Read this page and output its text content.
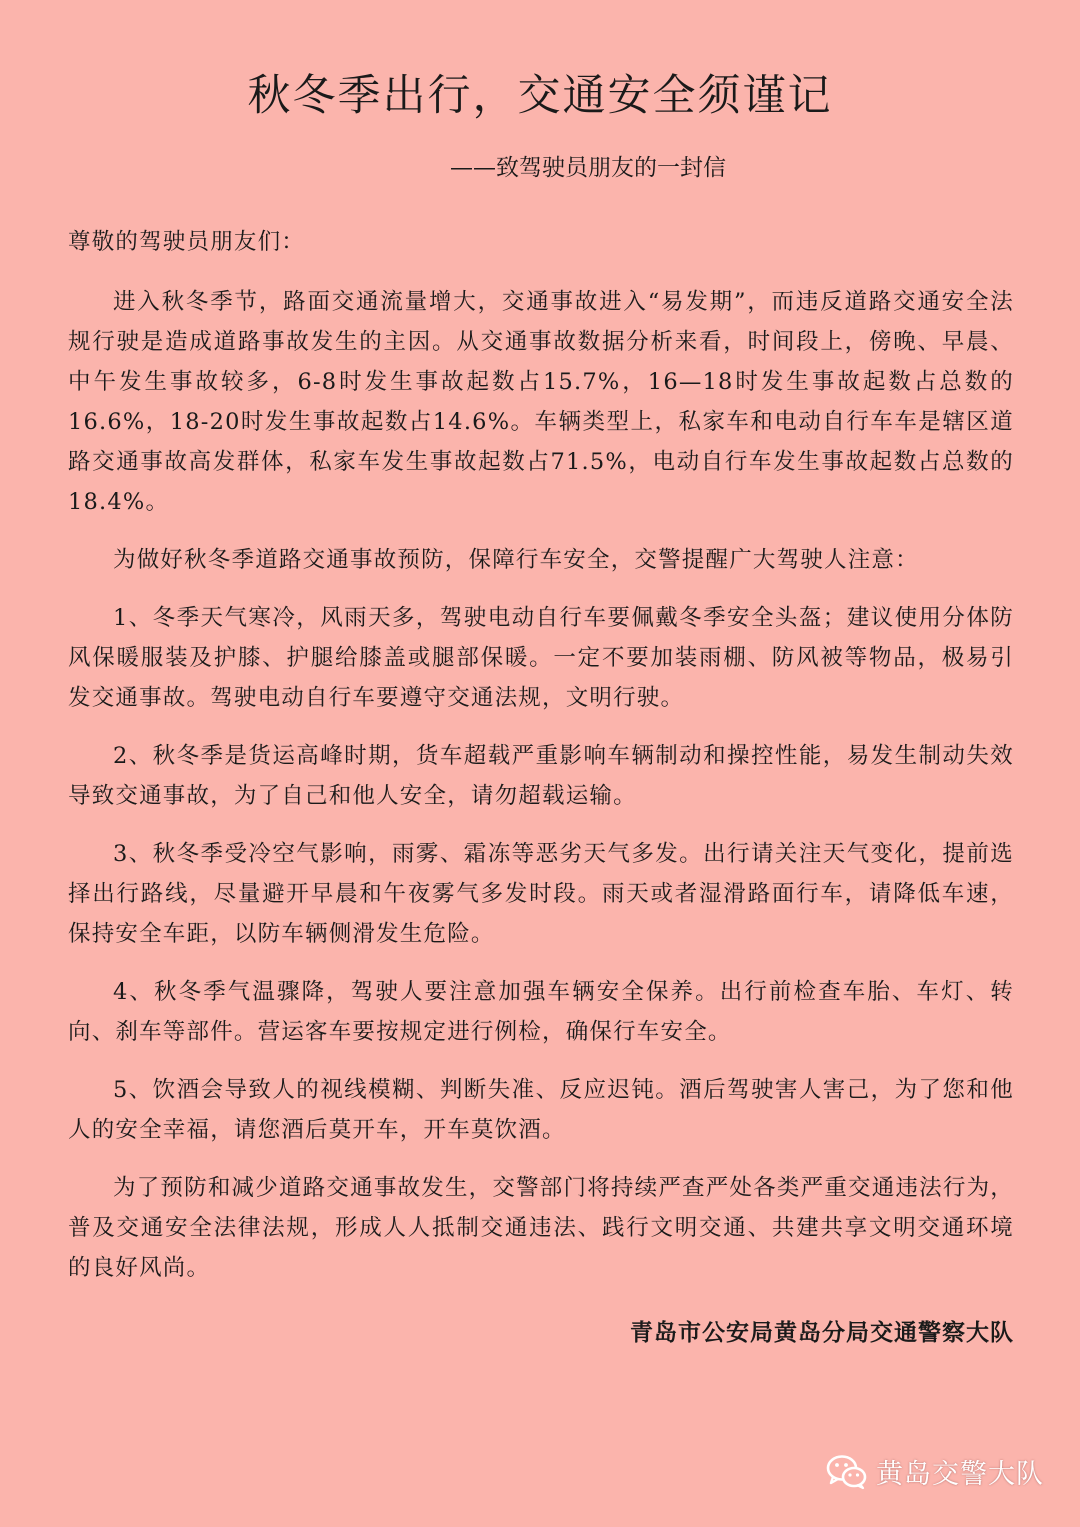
秋冬季出行，交通安全须谨记

——致驾驶员朋友的一封信

尊敬的驾驶员朋友们：

进入秋冬季节，路面交通流量增大，交通事故进入“易发期”，而违反道路交通安全法规行驶是造成道路事故发生的主因。从交通事故数据分析来看，时间段上，傍晚、早晨、中午发生事故较多，6-8时发生事故起数占15.7%，16—18时发生事故起数占总数的16.6%，18-20时发生事故起数占14.6%。车辆类型上，私家车和电动自行车车是辖区道路交通事故高发群体，私家车发生事故起数占71.5%，电动自行车发生事故起数占总数的18.4%。

为做好秋冬季道路交通事故预防，保障行车安全，交警提醒广大驾驶人注意：

1、冬季天气寒冷，风雨天多，驾驶电动自行车要佩戴冬季安全头盔；建议使用分体防风保暖服装及护膝、护腿给膝盖或腿部保暖。一定不要加装雨棚、防风被等物品，极易引发交通事故。驾驶电动自行车要遵守交通法规，文明行驶。

2、秋冬季是货运高峰时期，货车超载严重影响车辆制动和操控性能，易发生制动失效导致交通事故，为了自己和他人安全，请勿超载运输。

3、秋冬季受冷空气影响，雨雾、霜冻等恶劣天气多发。出行请关注天气变化，提前选择出行路线，尽量避开早晨和午夜雾气多发时段。雨天或者湿滑路面行车，请降低车速，保持安全车距，以防车辆侧滑发生危险。

4、秋冬季气温骤降，驾驶人要注意加强车辆安全保养。出行前检查车胎、车灯、转向、刹车等部件。营运客车要按规定进行例检，确保行车安全。

5、饮酒会导致人的视线模糊、判断失准、反应迟钝。酒后驾驶害人害己，为了您和他人的安全幸福，请您酒后莫开车，开车莫饮酒。

为了预防和减少道路交通事故发生，交警部门将持续严查严处各类严重交通违法行为，普及交通安全法律法规，形成人人抵制交通违法、践行文明交通、共建共享文明交通环境的良好风尚。

青岛市公安局黄岛分局交通警察大队
黄岛交警大队
